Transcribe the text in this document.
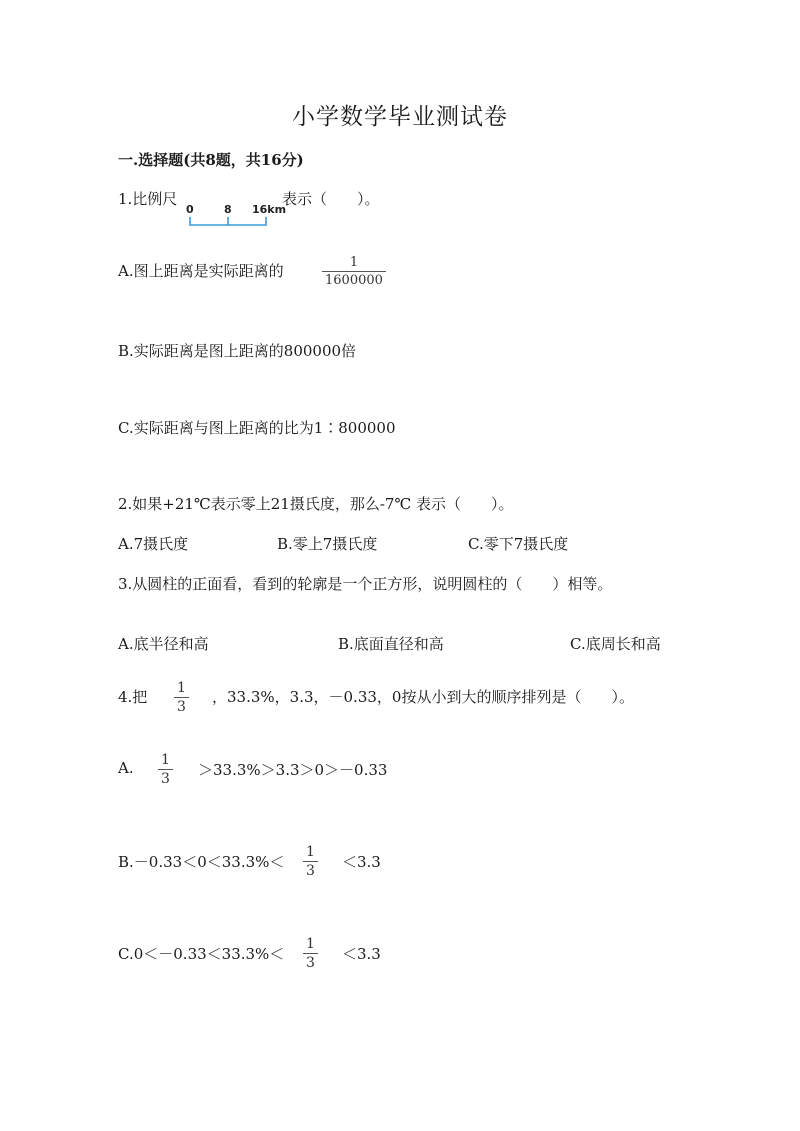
小学数学毕业测试卷
一.选择题(共8题，共16分)
1.比例尺
0	8 16km
表示（　　）。
A.图上距离是实际距离的	1
1600000
B.实际距离是图上距离的800000倍
C.实际距离与图上距离的比为1∶800000
2.如果+21℃表示零上21摄氏度，那么-7℃ 表示（　　）。
A.7摄氏度	B.零上7摄氏度	C.零下7摄氏度
3.从圆柱的正面看，看到的轮廓是一个正方形，说明圆柱的（　　）相等。
A.底半径和高	B.底面直径和高	C.底周长和高
4.把 1
3
，33.3%，3.3，－0.33，0按从小到大的顺序排列是（　　）。
A. 1
3 ＞33.3%＞3.3＞0＞－0.33
B.－0.33＜0＜33.3%＜
1
3 ＜3.3
C.0＜－0.33＜33.3%＜
1
3 ＜3.3
